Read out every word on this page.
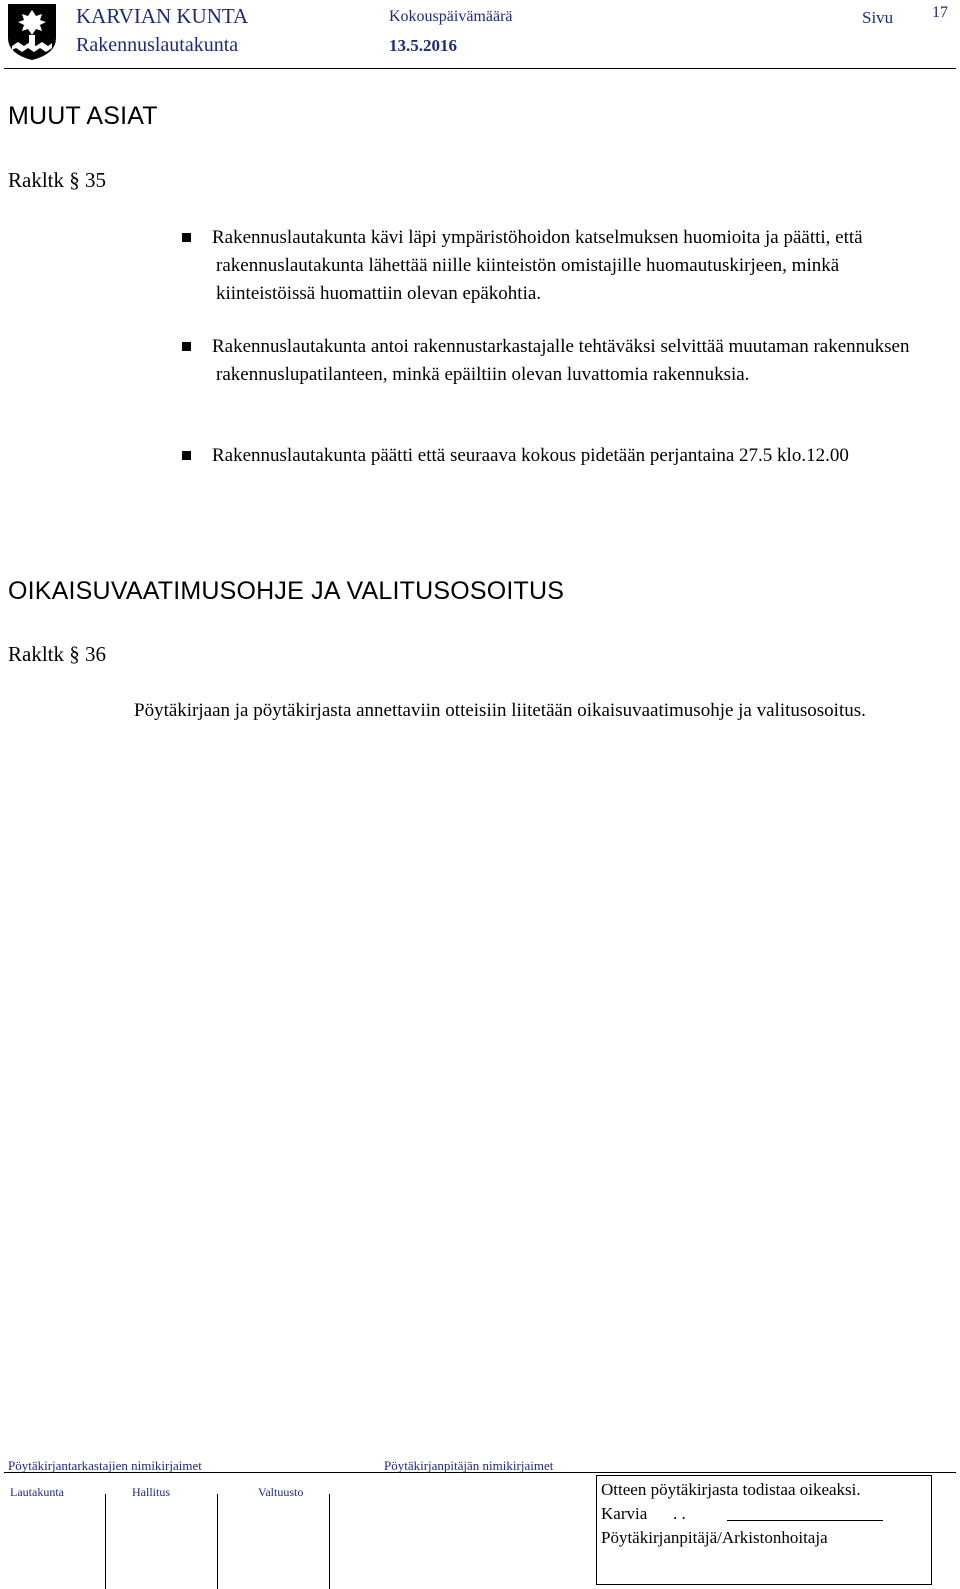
KARVIAN KUNTA
Rakennuslautakunta
Kokouspäivämäärä
13.5.2016
Sivu 17
MUUT ASIAT
Rakltk § 35
Rakennuslautakunta kävi läpi ympäristöhoidon katselmuksen huomioita ja päätti, että rakennuslautakunta lähettää niille kiinteistön omistajille huomautuskirjeen, minkä kiinteistöissä huomattiin olevan epäkohtia.
Rakennuslautakunta antoi rakennustarkastajalle tehtäväksi selvittää muutaman rakennuksen rakennuslupatilanteen, minkä epäiltiin olevan luvattomia rakennuksia.
Rakennuslautakunta päätti että seuraava kokous pidetään perjantaina 27.5 klo.12.00
OIKAISUVAATIMUSOHJE JA VALITUSOSOITUS
Rakltk § 36
Pöytäkirjaan ja pöytäkirjasta annettaviin otteisiin liitetään oikaisuvaatimusohje ja valitusosoitus.
Pöytäkirjantarkastajien nimikirjaimet	Pöytäkirjanpitäjän nimikirjaimet
Lautakunta	Hallitus	Valtuusto	Otteen pöytäkirjasta todistaa oikeaksi.
Karvia . .
Pöytäkirjanpitäjä/Arkistonhoitaja
